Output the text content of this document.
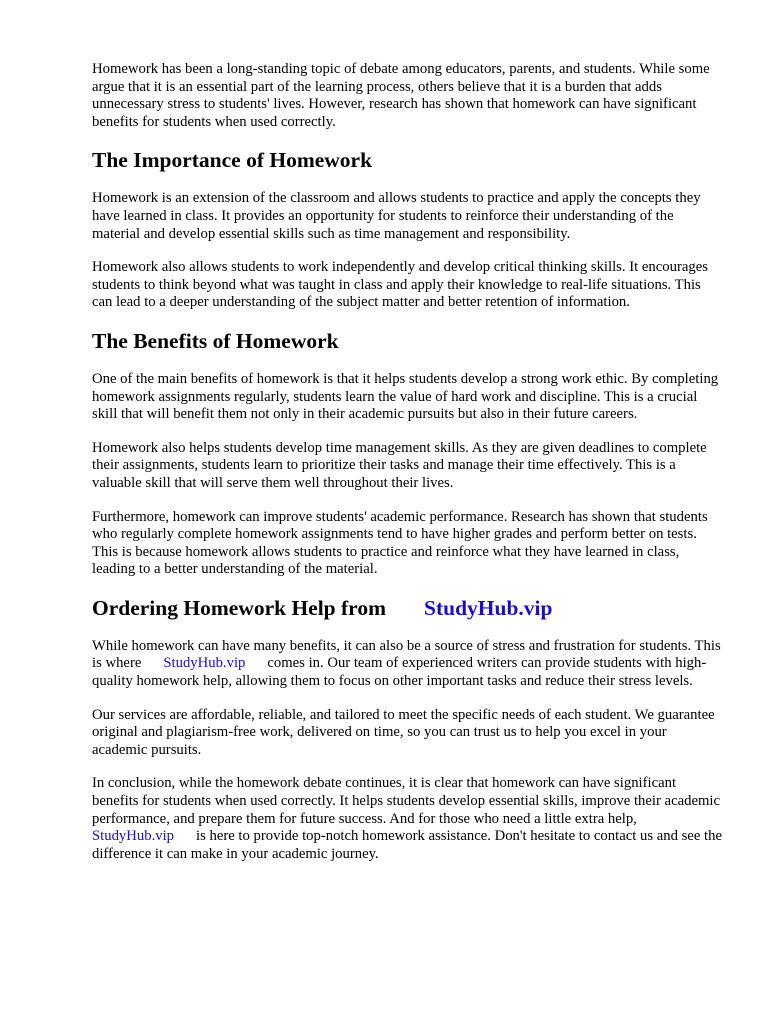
Homework has been a long-standing topic of debate among educators, parents, and students. While some argue that it is an essential part of the learning process, others believe that it is a burden that adds unnecessary stress to students' lives. However, research has shown that homework can have significant benefits for students when used correctly.

The Importance of Homework

Homework is an extension of the classroom and allows students to practice and apply the concepts they have learned in class. It provides an opportunity for students to reinforce their understanding of the material and develop essential skills such as time management and responsibility.

Homework also allows students to work independently and develop critical thinking skills. It encourages students to think beyond what was taught in class and apply their knowledge to real-life situations. This can lead to a deeper understanding of the subject matter and better retention of information.

The Benefits of Homework

One of the main benefits of homework is that it helps students develop a strong work ethic. By completing homework assignments regularly, students learn the value of hard work and discipline. This is a crucial skill that will benefit them not only in their academic pursuits but also in their future careers.

Homework also helps students develop time management skills. As they are given deadlines to complete their assignments, students learn to prioritize their tasks and manage their time effectively. This is a valuable skill that will serve them well throughout their lives.

Furthermore, homework can improve students' academic performance. Research has shown that students who regularly complete homework assignments tend to have higher grades and perform better on tests. This is because homework allows students to practice and reinforce what they have learned in class, leading to a better understanding of the material.

Ordering Homework Help from StudyHub.vip

While homework can have many benefits, it can also be a source of stress and frustration for students. This is where StudyHub.vip comes in. Our team of experienced writers can provide students with high-quality homework help, allowing them to focus on other important tasks and reduce their stress levels.

Our services are affordable, reliable, and tailored to meet the specific needs of each student. We guarantee original and plagiarism-free work, delivered on time, so you can trust us to help you excel in your academic pursuits.

In conclusion, while the homework debate continues, it is clear that homework can have significant benefits for students when used correctly. It helps students develop essential skills, improve their academic performance, and prepare them for future success. And for those who need a little extra help,StudyHub.vip is here to provide top-notch homework assistance. Don't hesitate to contact us and see the difference it can make in your academic journey.
